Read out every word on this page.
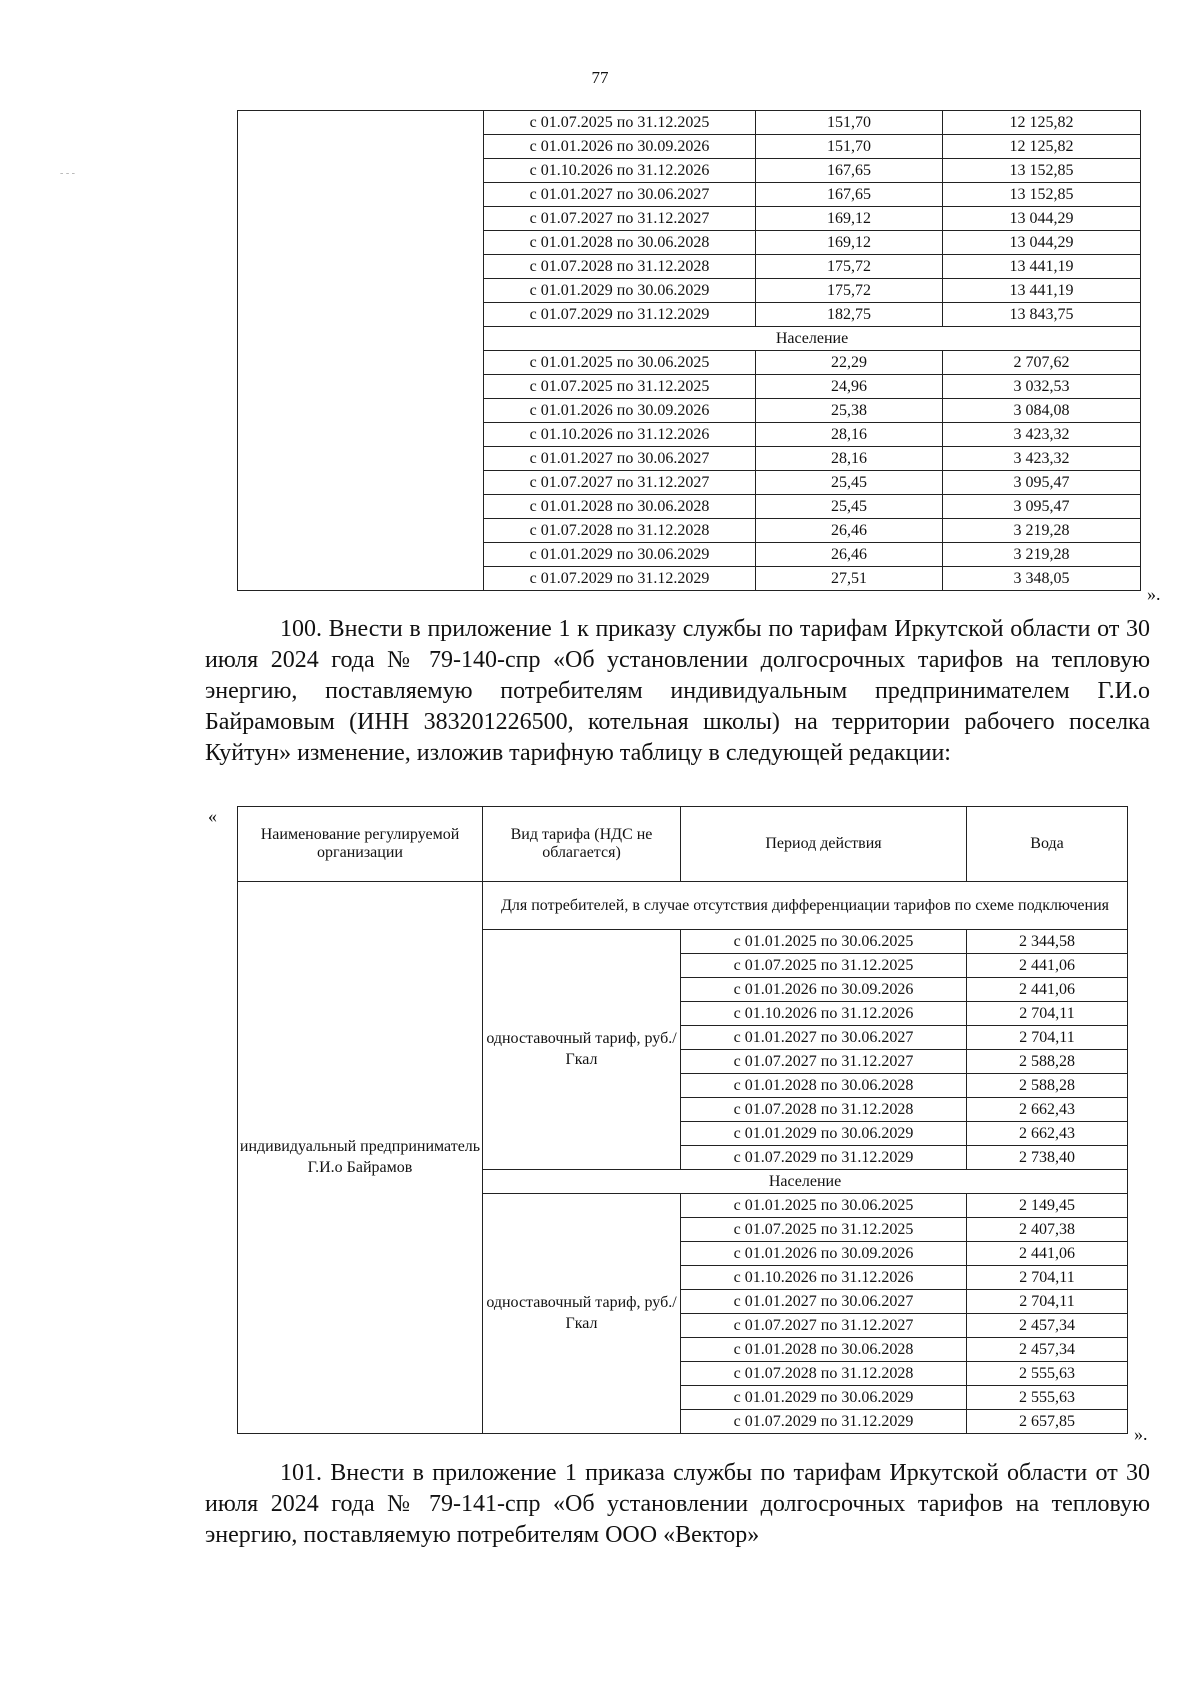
77
- - -
	с 01.07.2025 по 31.12.2025	151,70	12 125,82
	с 01.01.2026 по 30.09.2026	151,70	12 125,82
	с 01.10.2026 по 31.12.2026	167,65	13 152,85
	с 01.01.2027 по 30.06.2027	167,65	13 152,85
	с 01.07.2027 по 31.12.2027	169,12	13 044,29
	с 01.01.2028 по 30.06.2028	169,12	13 044,29
	с 01.07.2028 по 31.12.2028	175,72	13 441,19
	с 01.01.2029 по 30.06.2029	175,72	13 441,19
	с 01.07.2029 по 31.12.2029	182,75	13 843,75
	Население		
	с 01.01.2025 по 30.06.2025	22,29	2 707,62
	с 01.07.2025 по 31.12.2025	24,96	3 032,53
	с 01.01.2026 по 30.09.2026	25,38	3 084,08
	с 01.10.2026 по 31.12.2026	28,16	3 423,32
	с 01.01.2027 по 30.06.2027	28,16	3 423,32
	с 01.07.2027 по 31.12.2027	25,45	3 095,47
	с 01.01.2028 по 30.06.2028	25,45	3 095,47
	с 01.07.2028 по 31.12.2028	26,46	3 219,28
	с 01.01.2029 по 30.06.2029	26,46	3 219,28
	с 01.07.2029 по 31.12.2029	27,51	3 348,05
».

100. Внести в приложение 1 к приказу службы по тарифам Иркутской области от 30 июля 2024 года № 79-140-спр «Об установлении долгосрочных тарифов на тепловую энергию, поставляемую потребителям индивидуальным предпринимателем Г.И.о Байрамовым (ИНН 383201226500, котельная школы) на территории рабочего поселка Куйтун» изменение, изложив тарифную таблицу в следующей редакции:

«
Наименование регулируемой организации	Вид тарифа (НДС не облагается)	Период действия	Вода
индивидуальный предприниматель Г.И.о Байрамов	Для потребителей, в случае отсутствия дифференциации тарифов по схеме подключения		
	одноставочный тариф, руб./Гкал	с 01.01.2025 по 30.06.2025	2 344,58
		с 01.07.2025 по 31.12.2025	2 441,06
		с 01.01.2026 по 30.09.2026	2 441,06
		с 01.10.2026 по 31.12.2026	2 704,11
		с 01.01.2027 по 30.06.2027	2 704,11
		с 01.07.2027 по 31.12.2027	2 588,28
		с 01.01.2028 по 30.06.2028	2 588,28
		с 01.07.2028 по 31.12.2028	2 662,43
		с 01.01.2029 по 30.06.2029	2 662,43
		с 01.07.2029 по 31.12.2029	2 738,40
	Население		
	одноставочный тариф, руб./Гкал	с 01.01.2025 по 30.06.2025	2 149,45
		с 01.07.2025 по 31.12.2025	2 407,38
		с 01.01.2026 по 30.09.2026	2 441,06
		с 01.10.2026 по 31.12.2026	2 704,11
		с 01.01.2027 по 30.06.2027	2 704,11
		с 01.07.2027 по 31.12.2027	2 457,34
		с 01.01.2028 по 30.06.2028	2 457,34
		с 01.07.2028 по 31.12.2028	2 555,63
		с 01.01.2029 по 30.06.2029	2 555,63
		с 01.07.2029 по 31.12.2029	2 657,85
».

101. Внести в приложение 1 приказа службы по тарифам Иркутской области от 30 июля 2024 года № 79-141-спр «Об установлении долгосрочных тарифов на тепловую энергию, поставляемую потребителям ООО «Вектор»
